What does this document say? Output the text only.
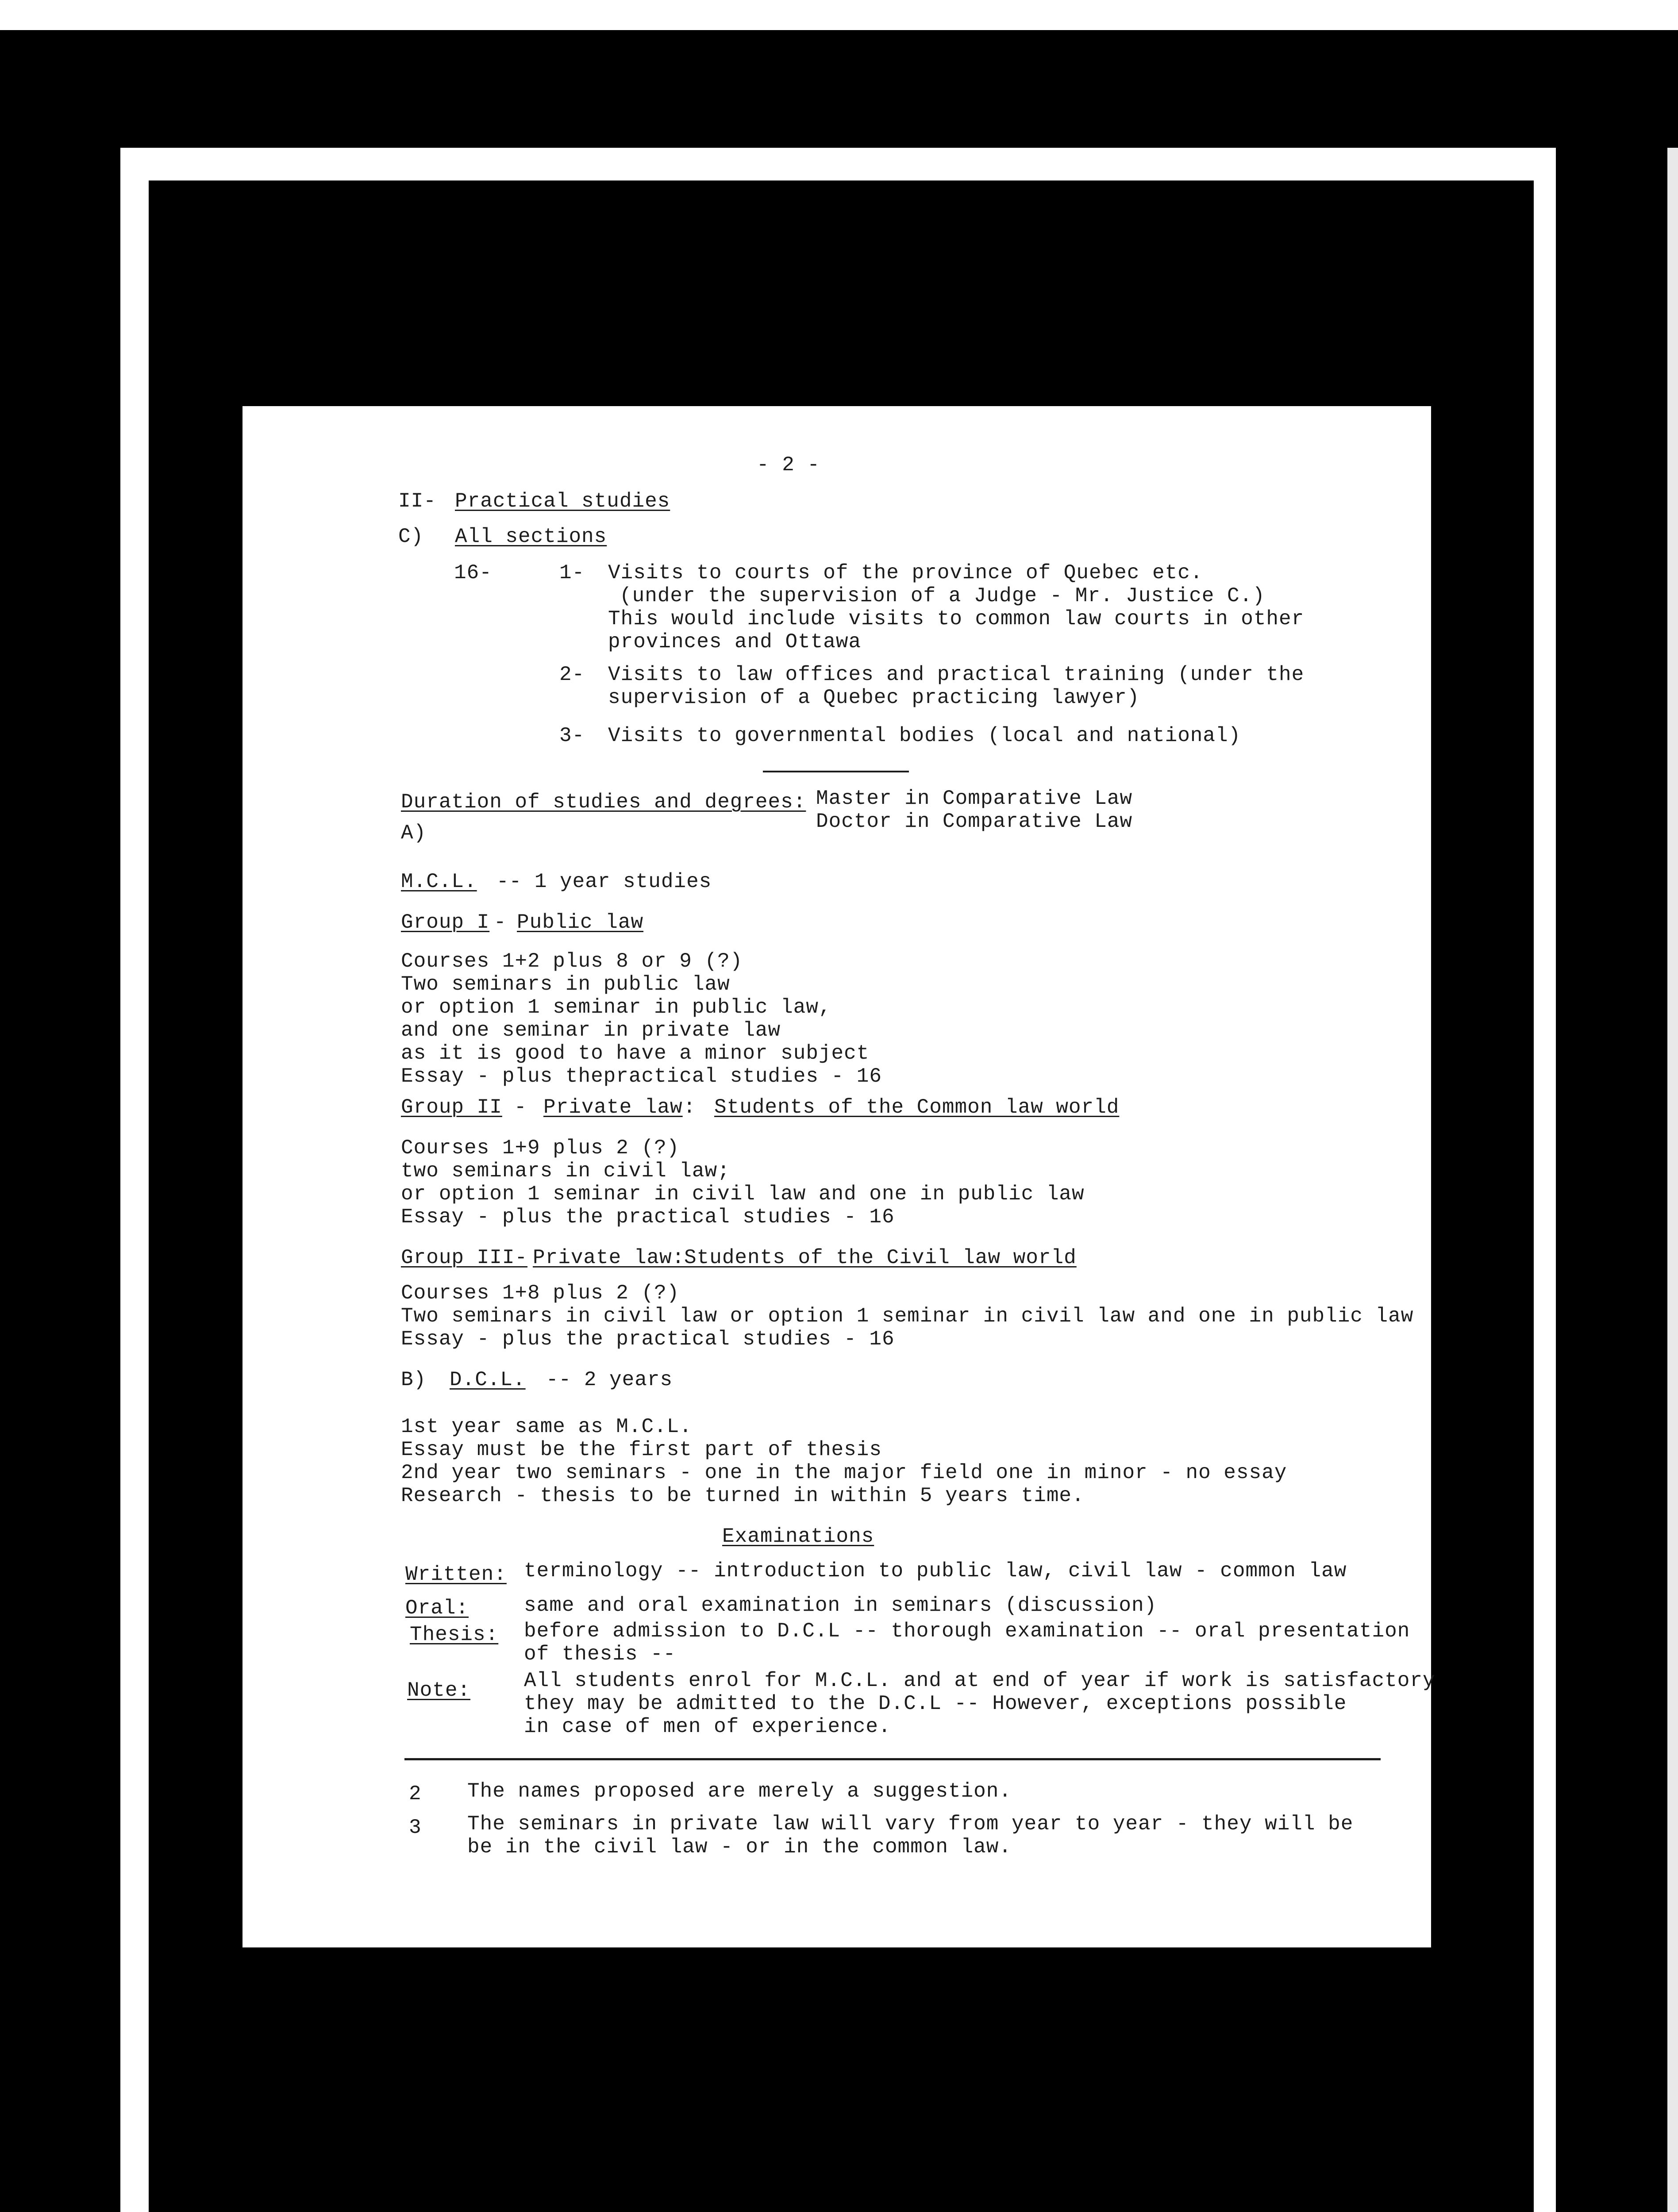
- 2 -
II- Practical studies
C) All sections
16-	1- Visits to courts of the province of Quebec etc.
(under the supervision of a Judge - Mr. Justice C.)
This would include visits to common law courts in other
provinces and Ottawa
2- Visits to law offices and practical training (under the
supervision of a Quebec practicing lawyer)
3- Visits to governmental bodies (local and national)
Duration of studies and degrees: Master in Comparative Law
Doctor in Comparative Law
A)
M.C.L. -- 1 year studies
Group I - Public law
Courses 1+2 plus 8 or 9 (?)
Two seminars in public law
or option 1 seminar in public law,
and one seminar in private law
as it is good to have a minor subject
Essay - plus thepractical studies - 16
Group II - Private law : Students of the Common law world
Courses 1+9 plus 2 (?)
two seminars in civil law;
or option 1 seminar in civil law and one in public law
Essay - plus the practical studies - 16
Group III- Private law:
Students of the Civil law world
Courses 1+8 plus 2 (?)
Two seminars in civil law or option 1 seminar in civil law and one in public law
Essay - plus the practical studies - 16
B) D.C.L. -- 2 years
1st year same as M.C.L.
Essay must be the first part of thesis
2nd year two seminars - one in the major field one in minor - no essay
Research - thesis to be turned in within 5 years time.
Examinations
Written: terminology -- introduction to public law, civil law - common law
Oral:	same and oral examination in seminars (discussion)
Thesis: before admission to D.C.L -- thorough examination -- oral presentation
of thesis --
Note:	All students enrol for M.C.L. and at end of year if work is satisfactory
they may be admitted to the D.C.L -- However, exceptions possible
in case of men of experience.
2 The names proposed are merely a suggestion.
3 The seminars in private law will vary from year to year - they will be
be in the civil law - or in the common law.
